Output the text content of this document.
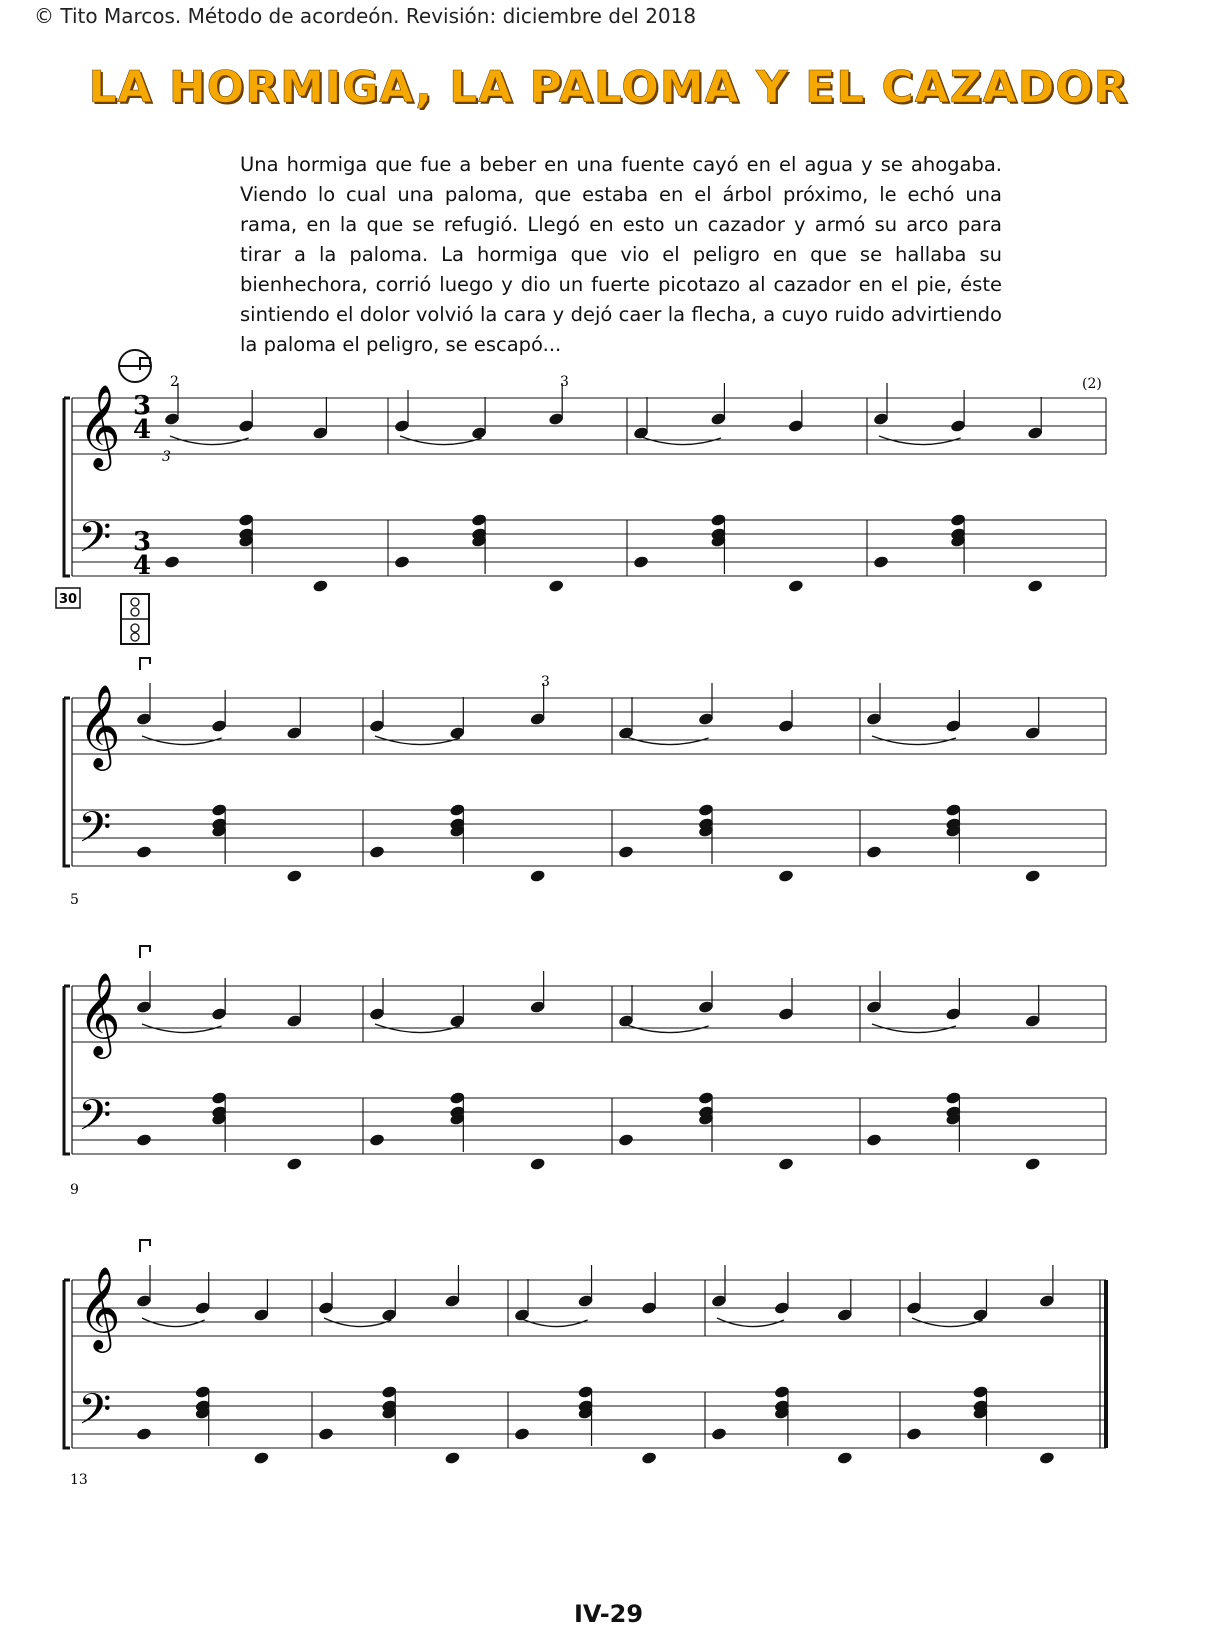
© Tito Marcos. Método de acordeón. Revisión: diciembre del 2018
LA HORMIGA, LA PALOMA Y EL CAZADOR
Una hormiga que fue a beber en una fuente cayó en el agua y se ahogaba. Viendo lo cual una paloma, que estaba en el árbol próximo, le echó una rama, en la que se refugió. Llegó en esto un cazador y armó su arco para tirar a la paloma. La hormiga que vio el peligro en que se hallaba su bienhechora, corrió luego y dio un fuerte picotazo al cazador en el pie, éste sintiendo el dolor volvió la cara y dejó caer la flecha, a cuyo ruido advirtiendo la paloma el peligro, se escapó...
𝄞
𝄢
𝄞
𝄢
𝄞
𝄢
𝄞
𝄢
3
4
3
4
30
2	3
3
(2)
3
5
9
13
IV-29
